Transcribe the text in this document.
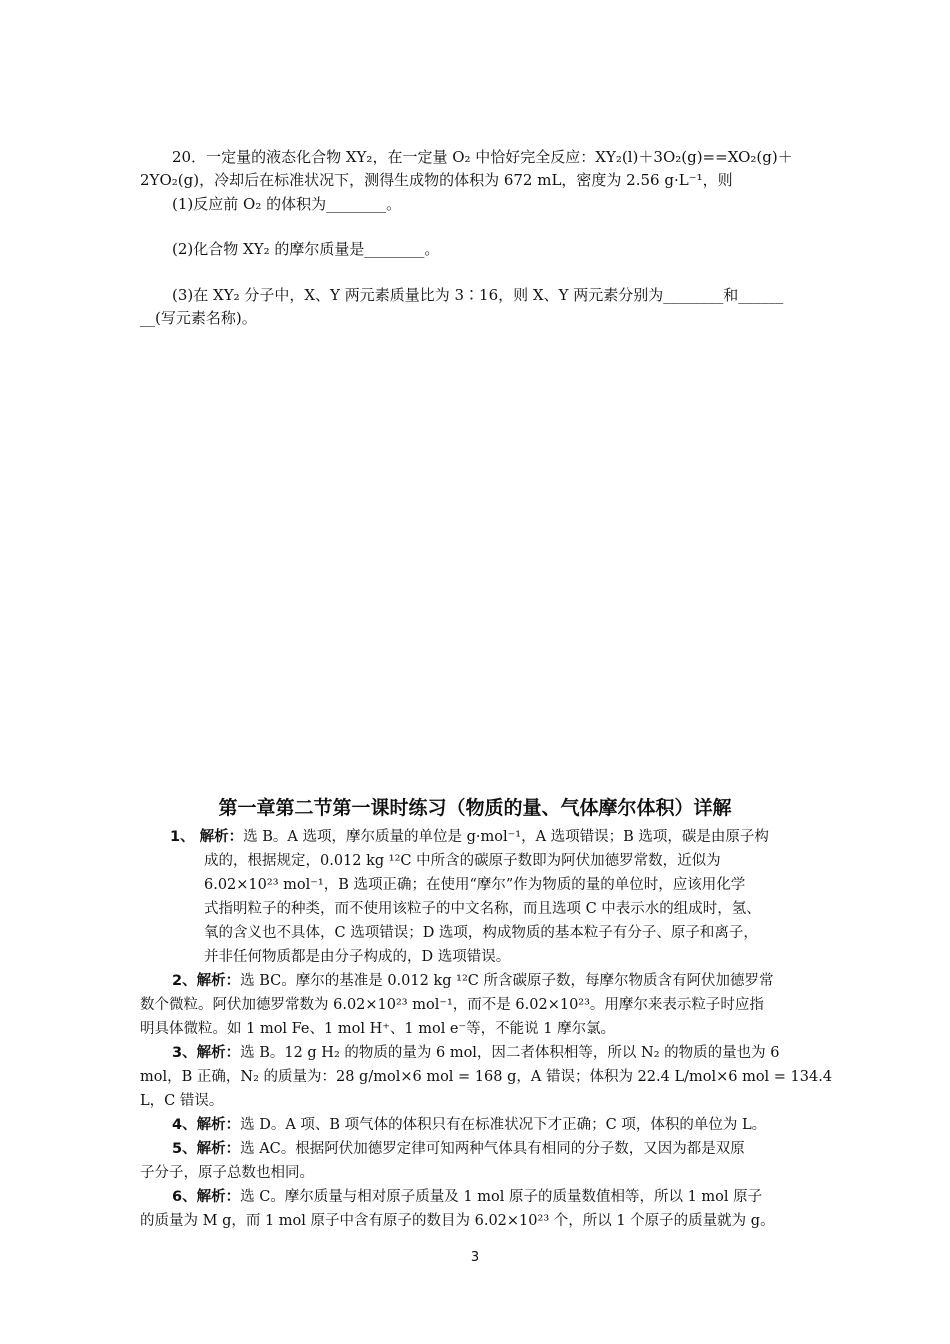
20．一定量的液态化合物 XY₂，在一定量 O₂ 中恰好完全反应：XY₂(l)＋3O₂(g)==XO₂(g)＋
2YO₂(g)，冷却后在标准状况下，测得生成物的体积为 672 mL，密度为 2.56 g·L⁻¹，则
(1)反应前 O₂ 的体积为________。
(2)化合物 XY₂ 的摩尔质量是________。
(3)在 XY₂ 分子中，X、Y 两元素质量比为 3∶16，则 X、Y 两元素分别为________和______
__(写元素名称)。
第一章第二节第一课时练习（物质的量、气体摩尔体积）详解
1、 解析：选 B。A 选项，摩尔质量的单位是 g·mol⁻¹，A 选项错误；B 选项，碳是由原子构
成的，根据规定，0.012 kg ¹²C 中所含的碳原子数即为阿伏加德罗常数，近似为
6.02×10²³ mol⁻¹，B 选项正确；在使用“摩尔”作为物质的量的单位时，应该用化学
式指明粒子的种类，而不使用该粒子的中文名称，而且选项 C 中表示水的组成时，氢、
氧的含义也不具体，C 选项错误；D 选项，构成物质的基本粒子有分子、原子和离子，
并非任何物质都是由分子构成的，D 选项错误。
2、解析：选 BC。摩尔的基准是 0.012 kg ¹²C 所含碳原子数，每摩尔物质含有阿伏加德罗常
数个微粒。阿伏加德罗常数为 6.02×10²³ mol⁻¹，而不是 6.02×10²³。用摩尔来表示粒子时应指
明具体微粒。如 1 mol Fe、1 mol H⁺、1 mol e⁻等，不能说 1 摩尔氯。
3、解析：选 B。12 g H₂ 的物质的量为 6 mol，因二者体积相等，所以 N₂ 的物质的量也为 6
mol，B 正确，N₂ 的质量为：28 g/mol×6 mol = 168 g，A 错误；体积为 22.4 L/mol×6 mol = 134.4
L，C 错误。
4、解析：选 D。A 项、B 项气体的体积只有在标准状况下才正确；C 项，体积的单位为 L。
5、解析：选 AC。根据阿伏加德罗定律可知两种气体具有相同的分子数，又因为都是双原
子分子，原子总数也相同。
6、解析：选 C。摩尔质量与相对原子质量及 1 mol 原子的质量数值相等，所以 1 mol 原子
的质量为 M g，而 1 mol 原子中含有原子的数目为 6.02×10²³ 个，所以 1 个原子的质量就为 g。
3
